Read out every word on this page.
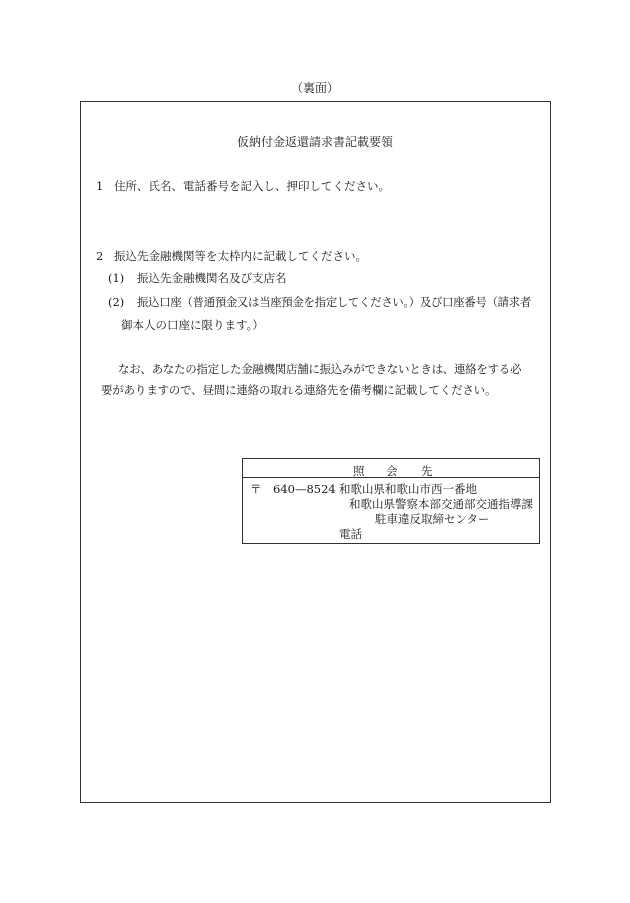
（裏面）
仮納付金返還請求書記載要領
1 住所、氏名、電話番号を記入し、押印してください。
2 振込先金融機関等を太枠内に記載してください。
(1) 振込先金融機関名及び支店名
(2) 振込口座（普通預金又は当座預金を指定してください。）及び口座番号（請求者
御本人の口座に限ります。）
なお、あなたの指定した金融機関店舗に振込みができないときは、連絡をする必
要がありますので、昼間に連絡の取れる連絡先を備考欄に記載してください。
照 会 先
〒 640—8524 和歌山県和歌山市西一番地
和歌山県警察本部交通部交通指導課
駐車違反取締センター
電話
